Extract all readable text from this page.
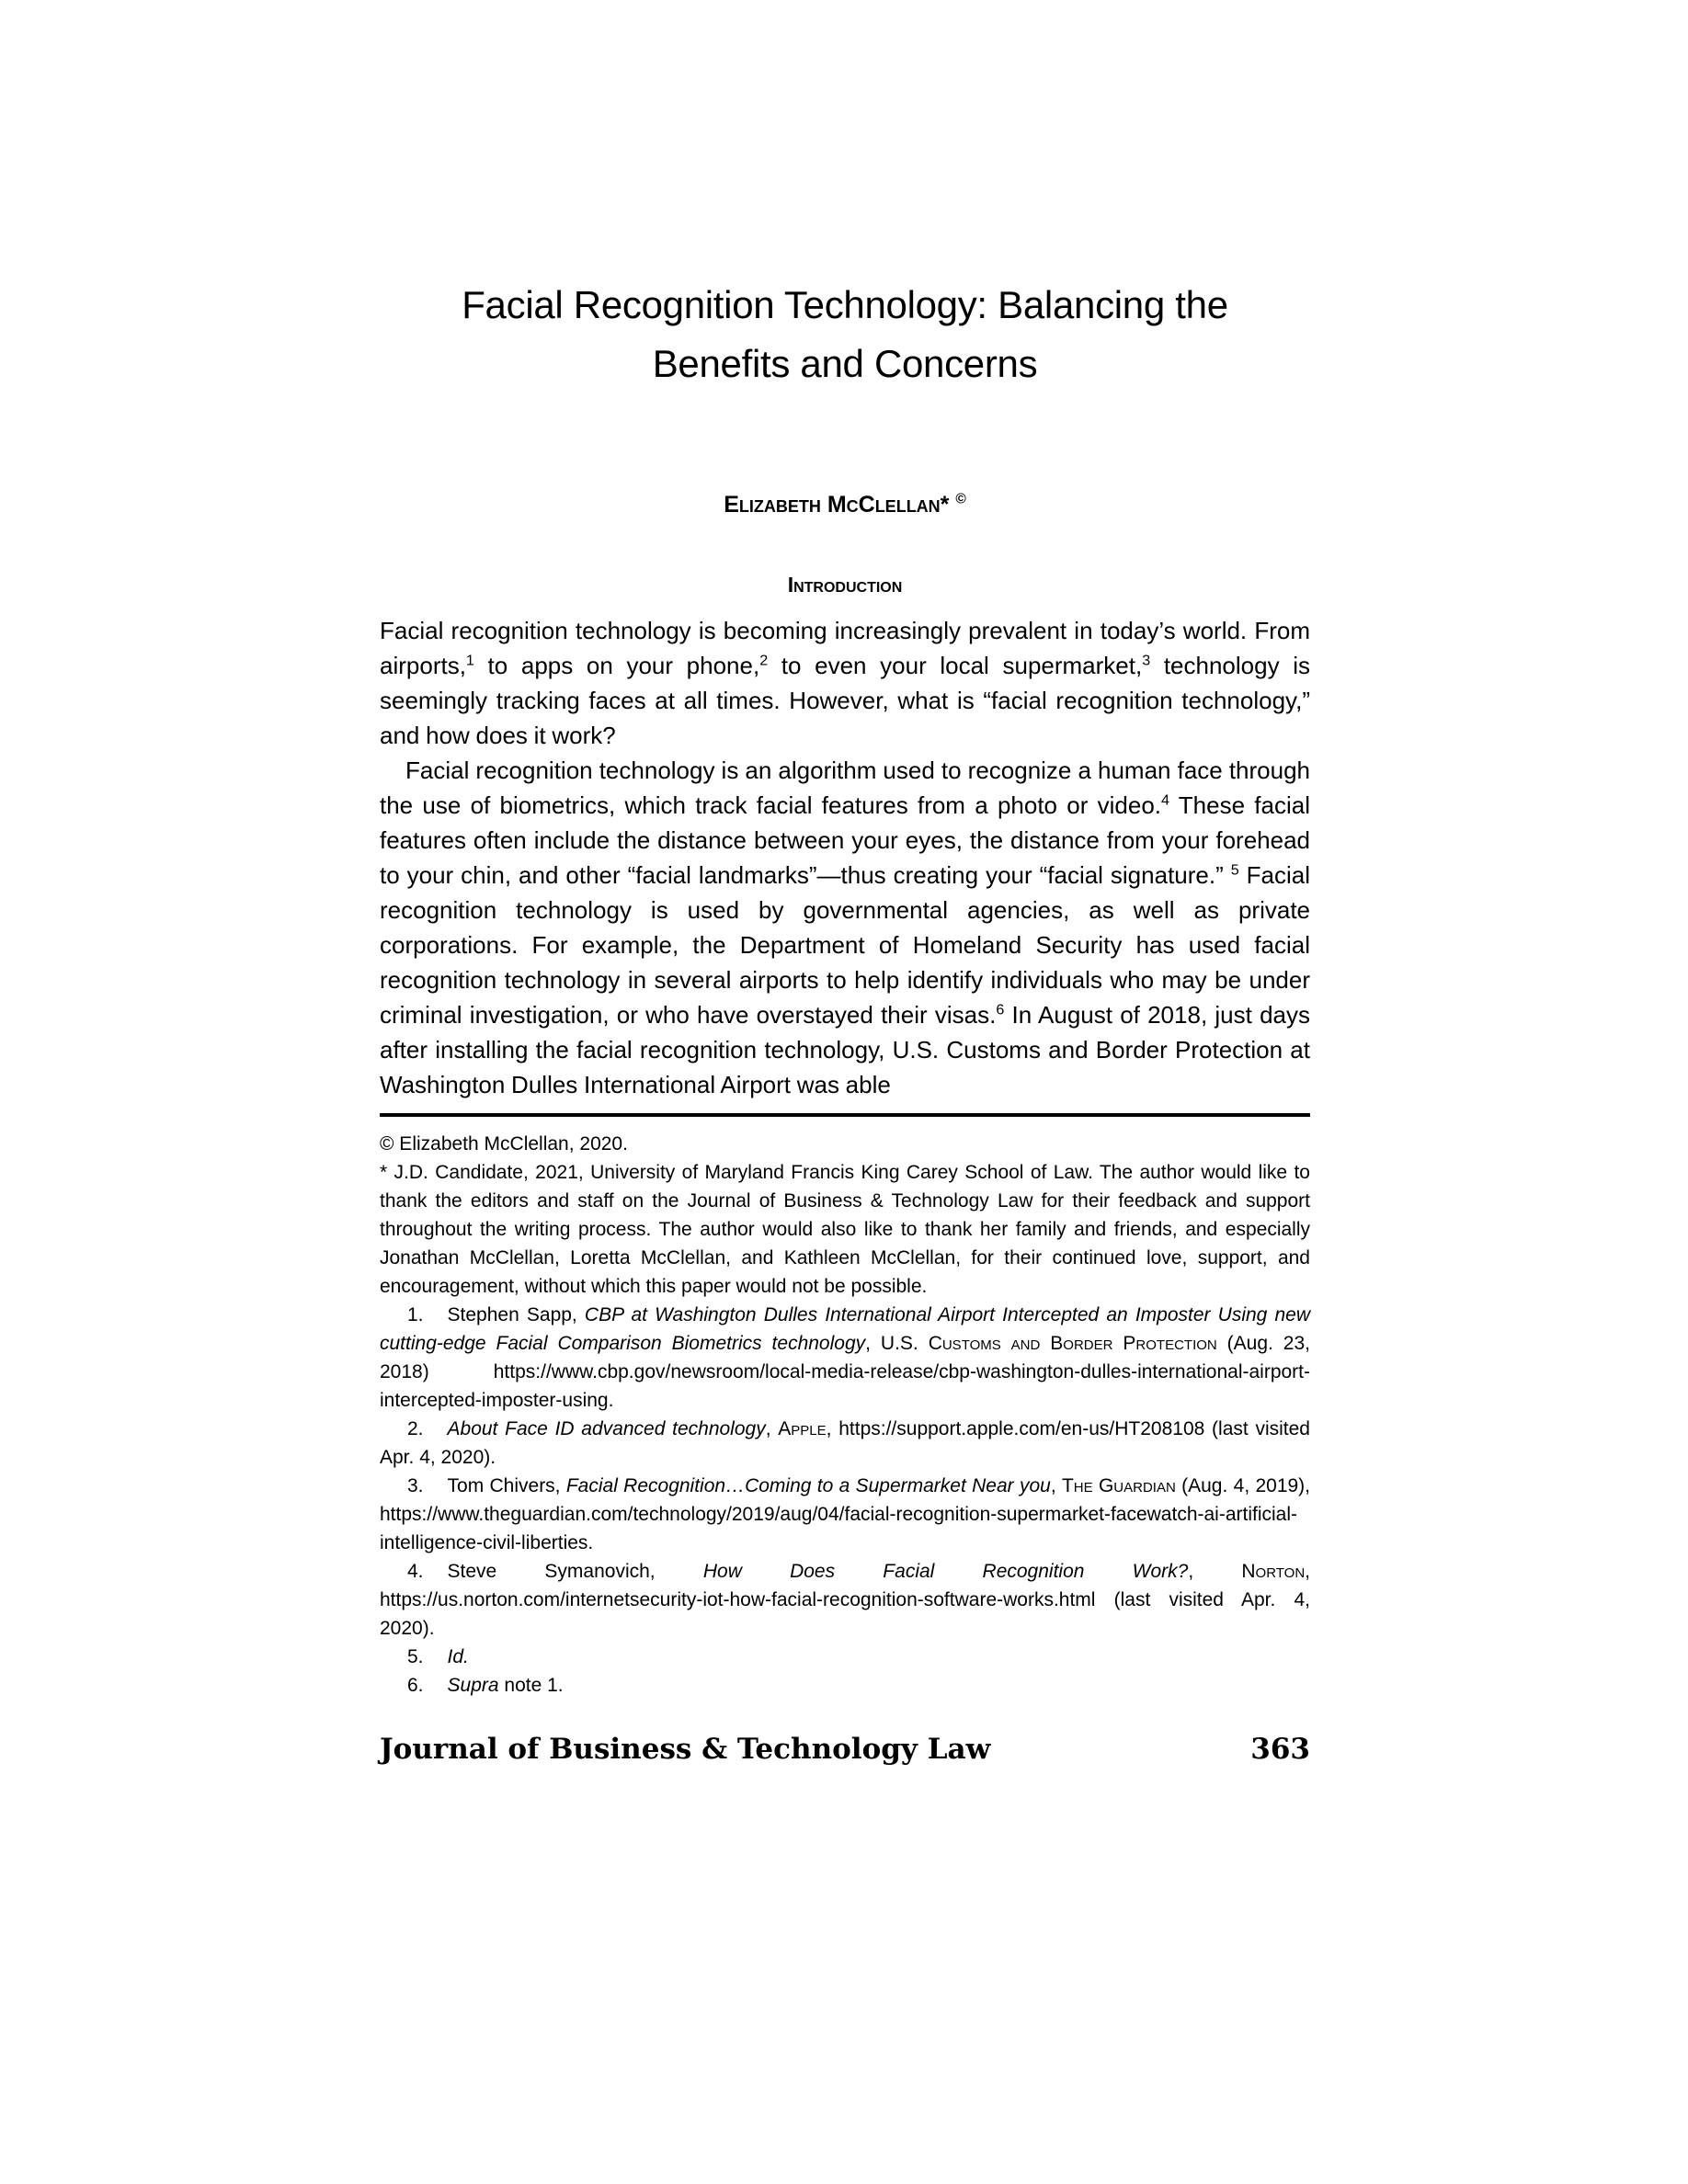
Facial Recognition Technology: Balancing the
Benefits and Concerns
Elizabeth McClellan* ©
Introduction

Facial recognition technology is becoming increasingly prevalent in today’s world. From airports,$^1$ to apps on your phone,$^2$ to even your local supermarket,$^3$ technology is seemingly tracking faces at all times. However, what is “facial recognition technology,” and how does it work?

Facial recognition technology is an algorithm used to recognize a human face through the use of biometrics, which track facial features from a photo or video.$^4$ These facial features often include the distance between your eyes, the distance from your forehead to your chin, and other “facial landmarks”—thus creating your “facial signature.” $^5$ Facial recognition technology is used by governmental agencies, as well as private corporations. For example, the Department of Homeland Security has used facial recognition technology in several airports to help identify individuals who may be under criminal investigation, or who have overstayed their visas.$^6$ In August of 2018, just days after installing the facial recognition technology, U.S. Customs and Border Protection at Washington Dulles International Airport was able

© Elizabeth McClellan, 2020.

* J.D. Candidate, 2021, University of Maryland Francis King Carey School of Law. The author would like to thank the editors and staff on the Journal of Business & Technology Law for their feedback and support throughout the writing process. The author would also like to thank her family and friends, and especially Jonathan McClellan, Loretta McClellan, and Kathleen McClellan, for their continued love, support, and encouragement, without which this paper would not be possible.

1. Stephen Sapp, CBP at Washington Dulles International Airport Intercepted an Imposter Using new cutting-edge Facial Comparison Biometrics technology, U.S. Customs and Border Protection (Aug. 23, 2018) https://www.cbp.gov/newsroom/local-media-release/cbp-washington-dulles-international-airport-intercepted-imposter-using.

2. About Face ID advanced technology, Apple, https://support.apple.com/en-us/HT208108 (last visited Apr. 4, 2020).

3. Tom Chivers, Facial Recognition…Coming to a Supermarket Near you, The Guardian (Aug. 4, 2019), https://www.theguardian.com/technology/2019/aug/04/facial-recognition-supermarket-facewatch-ai-artificial-intelligence-civil-liberties.

4. Steve Symanovich, How Does Facial Recognition Work?, Norton, https://us.norton.com/internetsecurity-iot-how-facial-recognition-software-works.html (last visited Apr. 4, 2020).

5. Id.

6. Supra note 1.

Journal of Business & Technology Law	363
